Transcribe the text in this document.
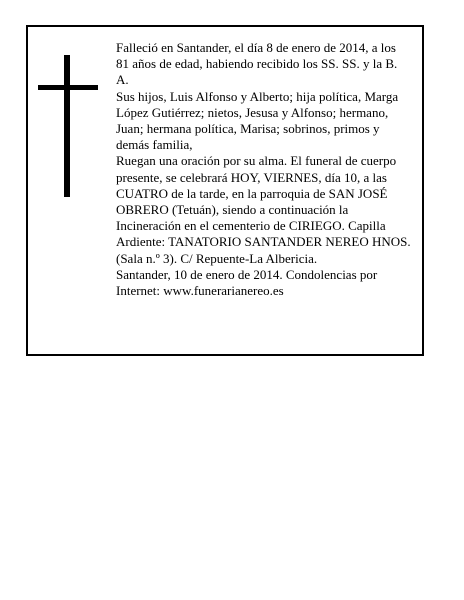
Falleció en Santander, el día 8 de enero de 2014, a los 81 años de edad, habiendo recibido los SS. SS. y la B. A.

Sus hijos, Luis Alfonso y Alberto; hija política, Marga López Gutiérrez; nietos, Jesusa y Alfonso; hermano, Juan; hermana política, Marisa; sobrinos, primos y demás familia,

Ruegan una oración por su alma. El funeral de cuerpo presente, se celebrará HOY, VIERNES, día 10, a las CUATRO de la tarde, en la parroquia de SAN JOSÉ OBRERO (Tetuán), siendo a continuación la Incineración en el cementerio de CIRIEGO. Capilla Ardiente: TANATORIO SANTANDER NEREO HNOS. (Sala n.º 3). C/ Repuente-La Albericia.

Santander, 10 de enero de 2014. Condolencias por Internet: www.funerarianereo.es
